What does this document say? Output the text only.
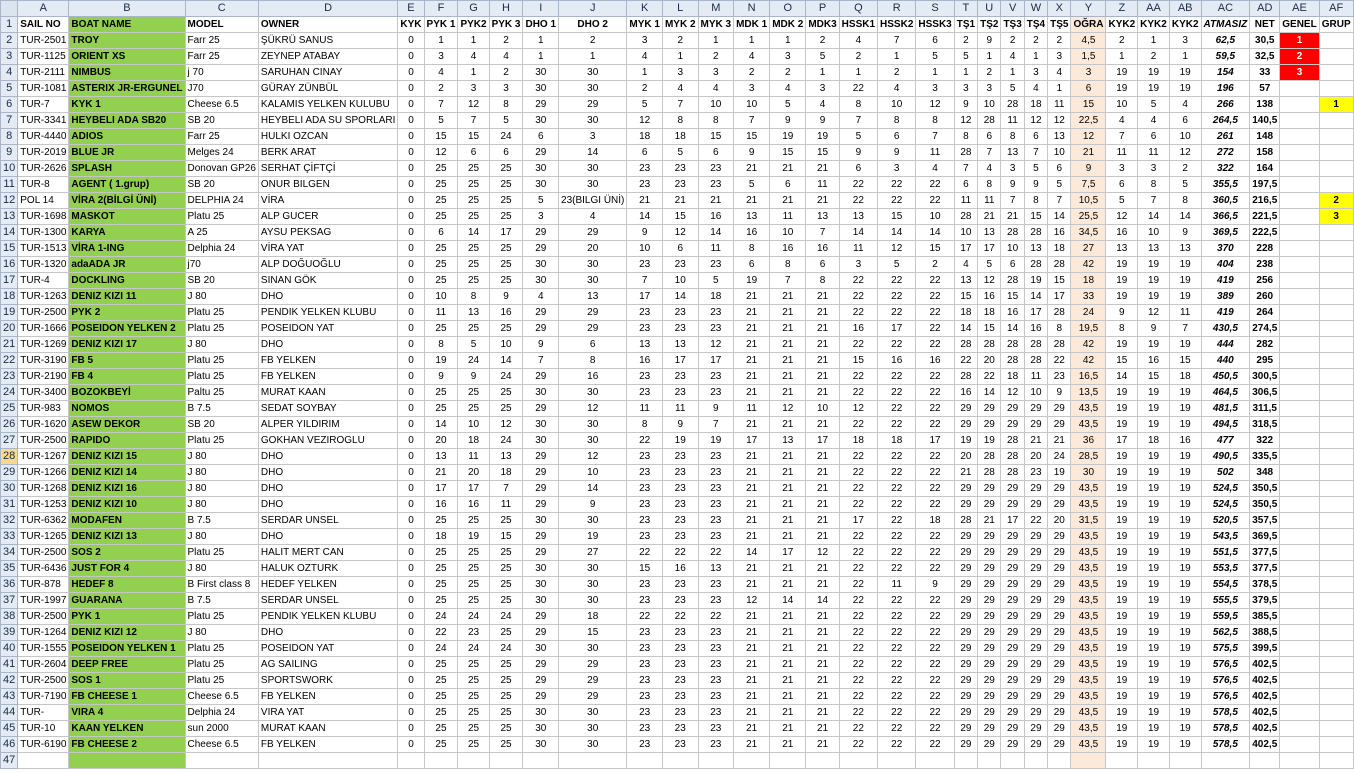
	A	B	C	D	E	F	G	H	I	J	K	L	M	N	O	P	Q	R	S	T	U	V	W	X	Y	Z	AA	AB	AC	AD	AE	AF
1	SAIL NO	BOAT NAME	MODEL	OWNER	KYK	PYK 1	PYK2	PYK 3	DHO 1	DHO 2	MYK 1	MYK 2	MYK 3	MDK 1	MDK 2	MDK3	HSSK1	HSSK2	HSSK3	TŞ1	TŞ2	TŞ3	TŞ4	TŞ5	OĞRA	KYK2	KYK2	KYK2	ATMASIZ	NET	GENEL	GRUP
2	TUR-2501	TROY	Farr 25	ŞÜKRÜ SANUS	0	1	1	2	1	2	3	2	1	1	1	2	4	7	6	2	9	2	2	2	4,5	2	1	3	62,5	30,5	1	
3	TUR-1125	ORIENT XS	Farr 25	ZEYNEP ATABAY	0	3	4	4	1	1	4	1	2	4	3	5	2	1	5	5	1	4	1	3	1,5	1	2	1	59,5	32,5	2	
4	TUR-2111	NIMBUS	j 70	SARUHAN CINAY	0	4	1	2	30	30	1	3	3	2	2	1	1	2	1	1	2	1	3	4	3	19	19	19	154	33	3	
5	TUR-1081	ASTERIX JR-ERGUNEL	J70	GÜRAY ZÜNBÜL	0	2	3	3	30	30	2	4	4	3	4	3	22	4	3	3	3	5	4	1	6	19	19	19	196	57		
6	TUR-7	KYK 1	Cheese 6.5	KALAMIS YELKEN KULUBU	0	7	12	8	29	29	5	7	10	10	5	4	8	10	12	9	10	28	18	11	15	10	5	4	266	138		1
7	TUR-3341	HEYBELI ADA SB20	SB 20	HEYBELI ADA SU SPORLARI	0	5	7	5	30	30	12	8	8	7	9	9	7	8	8	12	28	11	12	12	22,5	4	4	6	264,5	140,5		
8	TUR-4440	ADIOS	Farr 25	HULKI OZCAN	0	15	15	24	6	3	18	18	15	15	19	19	5	6	7	8	6	8	6	13	12	7	6	10	261	148		
9	TUR-2019	BLUE JR	Melges 24	BERK ARAT	0	12	6	6	29	14	6	5	6	9	15	15	9	9	11	28	7	13	7	10	21	11	11	12	272	158		
10	TUR-2626	SPLASH	Donovan GP26	SERHAT ÇİFTÇİ	0	25	25	25	30	30	23	23	23	21	21	21	6	3	4	7	4	3	5	6	9	3	3	2	322	164		
11	TUR-8	AGENT ( 1.grup)	SB 20	ONUR BILGEN	0	25	25	25	30	30	23	23	23	5	6	11	22	22	22	6	8	9	9	5	7,5	6	8	5	355,5	197,5		
12	POL 14	VİRA 2(BİLGİ ÜNİ)	DELPHIA 24	VİRA	0	25	25	25	5	23(BILGI ÜNİ)	21	21	21	21	21	21	22	22	22	11	11	7	8	7	10,5	5	7	8	360,5	216,5		2
13	TUR-1698	MASKOT	Platu 25	ALP GUCER	0	25	25	25	3	4	14	15	16	13	11	13	13	15	10	28	21	21	15	14	25,5	12	14	14	366,5	221,5		3
14	TUR-1300	KARYA	A 25	AYSU PEKSAG	0	6	14	17	29	29	9	12	14	16	10	7	14	14	14	10	13	28	28	16	34,5	16	10	9	369,5	222,5		
15	TUR-1513	VİRA 1-ING	Delphia 24	VİRA YAT	0	25	25	25	29	20	10	6	11	8	16	16	11	12	15	17	17	10	13	18	27	13	13	13	370	228		
16	TUR-1320	adaADA JR	j70	ALP DOĞUOĞLU	0	25	25	25	30	30	23	23	23	6	8	6	3	5	2	4	5	6	28	28	42	19	19	19	404	238		
17	TUR-4	DOCKLING	SB 20	SINAN GÖK	0	25	25	25	30	30	7	10	5	19	7	8	22	22	22	13	12	28	19	15	18	19	19	19	419	256		
18	TUR-1263	DENIZ KIZI 11	J 80	DHO	0	10	8	9	4	13	17	14	18	21	21	21	22	22	22	15	16	15	14	17	33	19	19	19	389	260		
19	TUR-2500	PYK 2	Platu 25	PENDIK YELKEN KLUBU	0	11	13	16	29	29	23	23	23	21	21	21	22	22	22	18	18	16	17	28	24	9	12	11	419	264		
20	TUR-1666	POSEIDON YELKEN 2	Platu 25	POSEIDON YAT	0	25	25	25	29	29	23	23	23	21	21	21	16	17	22	14	15	14	16	8	19,5	8	9	7	430,5	274,5		
21	TUR-1269	DENIZ KIZI 17	J 80	DHO	0	8	5	10	9	6	13	13	12	21	21	21	22	22	22	28	28	28	28	28	42	19	19	19	444	282		
22	TUR-3190	FB 5	Platu 25	FB YELKEN	0	19	24	14	7	8	16	17	17	21	21	21	15	16	16	22	20	28	28	22	42	15	16	15	440	295		
23	TUR-2190	FB 4	Platu 25	FB YELKEN	0	9	9	24	29	16	23	23	23	21	21	21	22	22	22	28	22	18	11	23	16,5	14	15	18	450,5	300,5		
24	TUR-3400	BOZOKBEYİ	Paltu 25	MURAT KAAN	0	25	25	25	30	30	23	23	23	21	21	21	22	22	22	16	14	12	10	9	13,5	19	19	19	464,5	306,5		
25	TUR-983	NOMOS	B 7.5	SEDAT SOYBAY	0	25	25	25	29	12	11	11	9	11	12	10	12	22	22	29	29	29	29	29	43,5	19	19	19	481,5	311,5		
26	TUR-1620	ASEW DEKOR	SB 20	ALPER YILDIRIM	0	14	10	12	30	30	8	9	7	21	21	21	22	22	22	29	29	29	29	29	43,5	19	19	19	494,5	318,5		
27	TUR-2500	RAPIDO	Platu 25	GOKHAN VEZIROGLU	0	20	18	24	30	30	22	19	19	17	13	17	18	18	17	19	19	28	21	21	36	17	18	16	477	322		
28	TUR-1267	DENIZ KIZI 15	J 80	DHO	0	13	11	13	29	12	23	23	23	21	21	21	22	22	22	20	28	28	20	24	28,5	19	19	19	490,5	335,5		
29	TUR-1266	DENIZ KIZI 14	J 80	DHO	0	21	20	18	29	10	23	23	23	21	21	21	22	22	22	21	28	28	23	19	30	19	19	19	502	348		
30	TUR-1268	DENIZ KIZI 16	J 80	DHO	0	17	17	7	29	14	23	23	23	21	21	21	22	22	22	29	29	29	29	29	43,5	19	19	19	524,5	350,5		
31	TUR-1253	DENIZ KIZI 10	J 80	DHO	0	16	16	11	29	9	23	23	23	21	21	21	22	22	22	29	29	29	29	29	43,5	19	19	19	524,5	350,5		
32	TUR-6362	MODAFEN	B 7.5	SERDAR UNSEL	0	25	25	25	30	30	23	23	23	21	21	21	17	22	18	28	21	17	22	20	31,5	19	19	19	520,5	357,5		
33	TUR-1265	DENIZ KIZI 13	J 80	DHO	0	18	19	15	29	19	23	23	23	21	21	21	22	22	22	29	29	29	29	29	43,5	19	19	19	543,5	369,5		
34	TUR-2500	SOS 2	Platu 25	HALIT MERT CAN	0	25	25	25	29	27	22	22	22	14	17	12	22	22	22	29	29	29	29	29	43,5	19	19	19	551,5	377,5		
35	TUR-6436	JUST FOR 4	J 80	HALUK OZTURK	0	25	25	25	30	30	15	16	13	21	21	21	22	22	22	29	29	29	29	29	43,5	19	19	19	553,5	377,5		
36	TUR-878	HEDEF 8	B First class 8	HEDEF YELKEN	0	25	25	25	30	30	23	23	23	21	21	21	22	11	9	29	29	29	29	29	43,5	19	19	19	554,5	378,5		
37	TUR-1997	GUARANA	B 7.5	SERDAR UNSEL	0	25	25	25	30	30	23	23	23	12	14	14	22	22	22	29	29	29	29	29	43,5	19	19	19	555,5	379,5		
38	TUR-2500	PYK 1	Platu 25	PENDIK YELKEN KLUBU	0	24	24	24	29	18	22	22	22	21	21	21	22	22	22	29	29	29	29	29	43,5	19	19	19	559,5	385,5		
39	TUR-1264	DENIZ KIZI 12	J 80	DHO	0	22	23	25	29	15	23	23	23	21	21	21	22	22	22	29	29	29	29	29	43,5	19	19	19	562,5	388,5		
40	TUR-1555	POSEIDON YELKEN 1	Platu 25	POSEIDON YAT	0	24	24	24	30	30	23	23	23	21	21	21	22	22	22	29	29	29	29	29	43,5	19	19	19	575,5	399,5		
41	TUR-2604	DEEP FREE	Platu 25	AG SAILING	0	25	25	25	29	29	23	23	23	21	21	21	22	22	22	29	29	29	29	29	43,5	19	19	19	576,5	402,5		
42	TUR-2500	SOS 1	Platu 25	SPORTSWORK	0	25	25	25	29	29	23	23	23	21	21	21	22	22	22	29	29	29	29	29	43,5	19	19	19	576,5	402,5		
43	TUR-7190	FB CHEESE 1	Cheese 6.5	FB YELKEN	0	25	25	25	29	29	23	23	23	21	21	21	22	22	22	29	29	29	29	29	43,5	19	19	19	576,5	402,5		
44	TUR-	VIRA 4	Delphia 24	VIRA YAT	0	25	25	25	30	30	23	23	23	21	21	21	22	22	22	29	29	29	29	29	43,5	19	19	19	578,5	402,5		
45	TUR-10	KAAN YELKEN	sun 2000	MURAT KAAN	0	25	25	25	30	30	23	23	23	21	21	21	22	22	22	29	29	29	29	29	43,5	19	19	19	578,5	402,5		
46	TUR-6190	FB CHEESE 2	Cheese 6.5	FB YELKEN	0	25	25	25	30	30	23	23	23	21	21	21	22	22	22	29	29	29	29	29	43,5	19	19	19	578,5	402,5		
47																																
